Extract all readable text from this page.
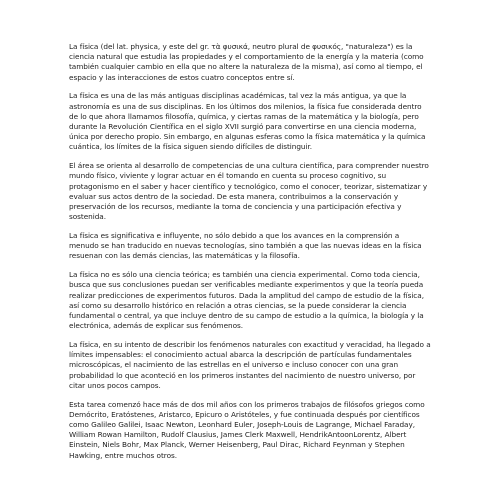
La física (del lat. physica, y este del gr. τὰ φυσικά, neutro plural de φυσικός, "naturaleza") es la ciencia natural que estudia las propiedades y el comportamiento de la energía y la materia (como también cualquier cambio en ella que no altere la naturaleza de la misma), así como al tiempo, el espacio y las interacciones de estos cuatro conceptos entre sí.

La física es una de las más antiguas disciplinas académicas, tal vez la más antigua, ya que la astronomía es una de sus disciplinas. En los últimos dos milenios, la física fue considerada dentro de lo que ahora llamamos filosofía, química, y ciertas ramas de la matemática y la biología, pero durante la Revolución Científica en el siglo XVII surgió para convertirse en una ciencia moderna, única por derecho propio. Sin embargo, en algunas esferas como la física matemática y la química cuántica, los límites de la física siguen siendo difíciles de distinguir.

El área se orienta al desarrollo de competencias de una cultura científica, para comprender nuestro mundo físico, viviente y lograr actuar en él tomando en cuenta su proceso cognitivo, su protagonismo en el saber y hacer científico y tecnológico, como el conocer, teorizar, sistematizar y evaluar sus actos dentro de la sociedad. De esta manera, contribuimos a la conservación y preservación de los recursos, mediante la toma de conciencia y una participación efectiva y sostenida.

La física es significativa e influyente, no sólo debido a que los avances en la comprensión a menudo se han traducido en nuevas tecnologías, sino también a que las nuevas ideas en la física resuenan con las demás ciencias, las matemáticas y la filosofía.

La física no es sólo una ciencia teórica; es también una ciencia experimental. Como toda ciencia, busca que sus conclusiones puedan ser verificables mediante experimentos y que la teoría pueda realizar predicciones de experimentos futuros. Dada la amplitud del campo de estudio de la física, así como su desarrollo histórico en relación a otras ciencias, se la puede considerar la ciencia fundamental o central, ya que incluye dentro de su campo de estudio a la química, la biología y la electrónica, además de explicar sus fenómenos.

La física, en su intento de describir los fenómenos naturales con exactitud y veracidad, ha llegado a límites impensables: el conocimiento actual abarca la descripción de partículas fundamentales microscópicas, el nacimiento de las estrellas en el universo e incluso conocer con una gran probabilidad lo que aconteció en los primeros instantes del nacimiento de nuestro universo, por citar unos pocos campos.

Esta tarea comenzó hace más de dos mil años con los primeros trabajos de filósofos griegos como Demócrito, Eratóstenes, Aristarco, Epicuro o Aristóteles, y fue continuada después por científicos como Galileo Galilei, Isaac Newton, Leonhard Euler, Joseph-Louis de Lagrange, Michael Faraday, William Rowan Hamilton, Rudolf Clausius, James Clerk Maxwell, HendrikAntoonLorentz, Albert Einstein, Niels Bohr, Max Planck, Werner Heisenberg, Paul Dirac, Richard Feynman y Stephen Hawking, entre muchos otros.
